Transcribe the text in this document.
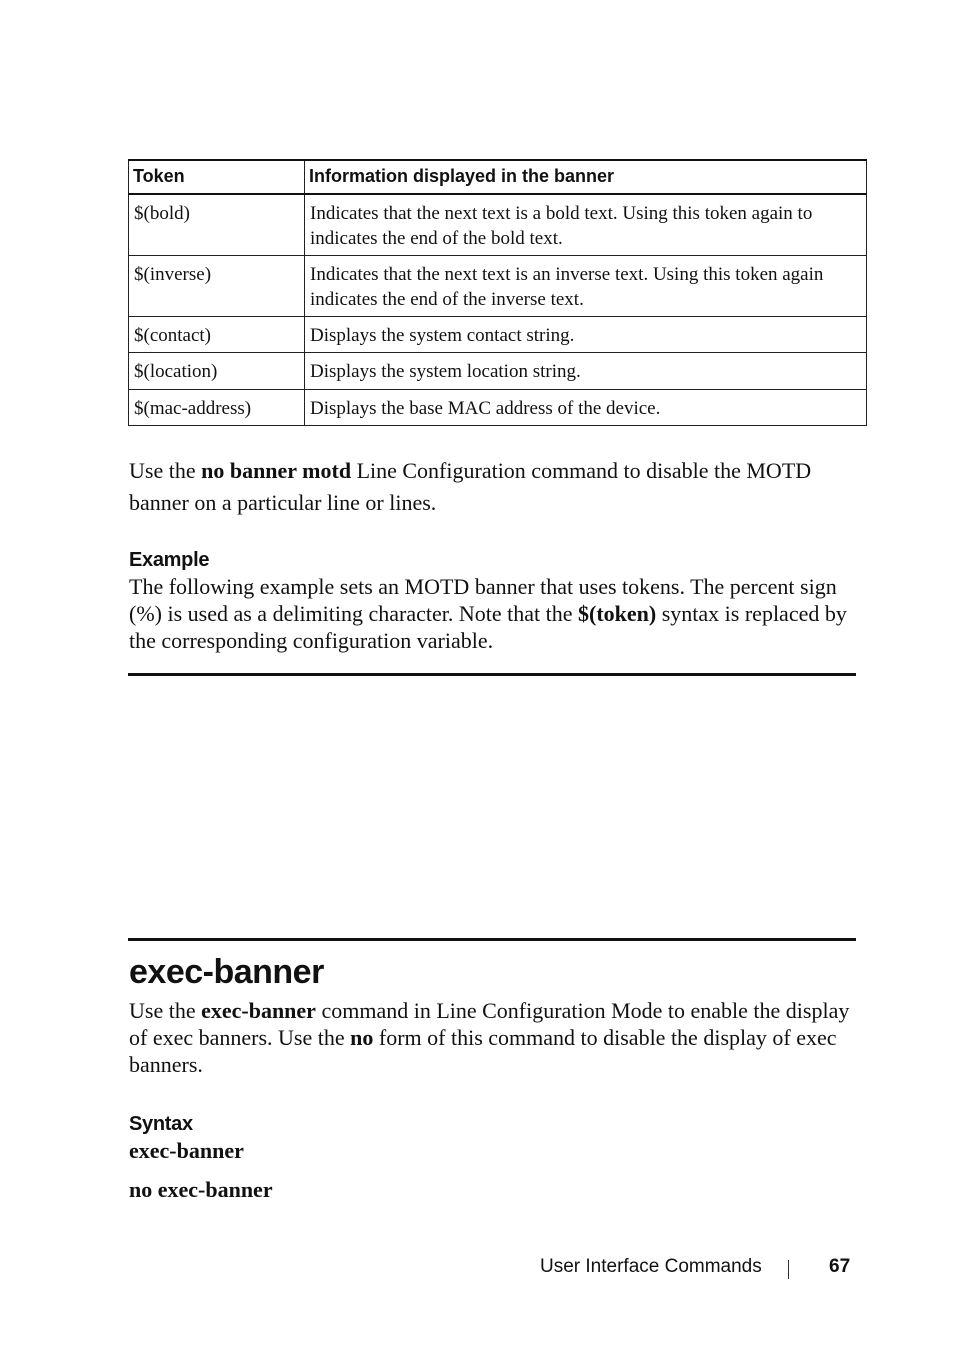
Token	Information displayed in the banner
$(bold)	Indicates that the next text is a bold text. Using this token again to indicates the end of the bold text.
$(inverse)	Indicates that the next text is an inverse text. Using this token again indicates the end of the inverse text.
$(contact)	Displays the system contact string.
$(location)	Displays the system location string.
$(mac-address)	Displays the base MAC address of the device.

Use the no banner motd Line Configuration command to disable the MOTD banner on a particular line or lines.

Example

The following example sets an MOTD banner that uses tokens. The percent sign (%) is used as a delimiting character. Note that the $(token) syntax is replaced by the corresponding configuration variable.

exec-banner

Use the exec-banner command in Line Configuration Mode to enable the display of exec banners. Use the no form of this command to disable the display of exec banners.

Syntax
exec-banner
no exec-banner
User Interface Commands	67
